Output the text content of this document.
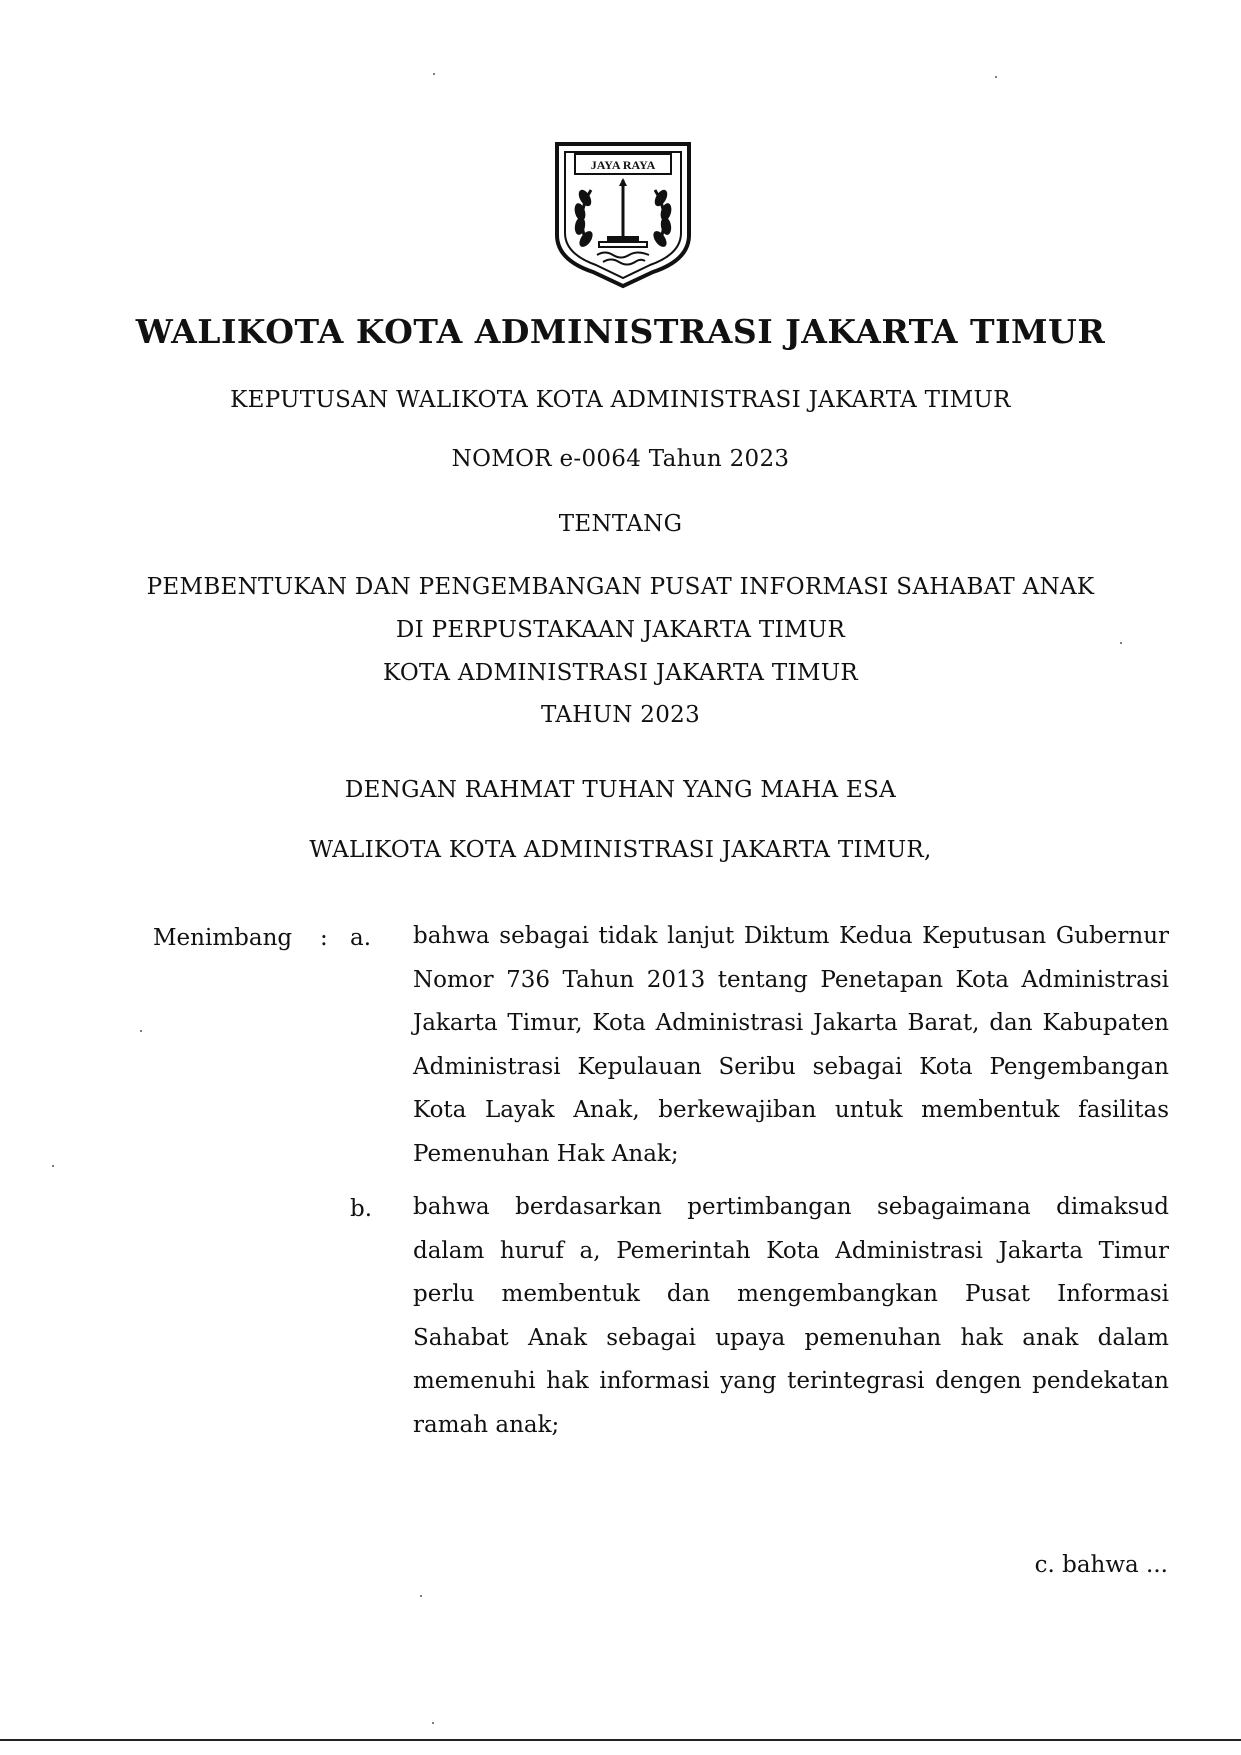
JAYA RAYA
WALIKOTA KOTA ADMINISTRASI JAKARTA TIMUR
KEPUTUSAN WALIKOTA KOTA ADMINISTRASI JAKARTA TIMUR
NOMOR e-0064 Tahun 2023
TENTANG
PEMBENTUKAN DAN PENGEMBANGAN PUSAT INFORMASI SAHABAT ANAK
DI PERPUSTAKAAN JAKARTA TIMUR
KOTA ADMINISTRASI JAKARTA TIMUR
TAHUN 2023
DENGAN RAHMAT TUHAN YANG MAHA ESA
WALIKOTA KOTA ADMINISTRASI JAKARTA TIMUR,
Menimbang : a. bahwa sebagai tidak lanjut Diktum Kedua Keputusan Gubernur Nomor 736 Tahun 2013 tentang Penetapan Kota Administrasi Jakarta Timur, Kota Administrasi Jakarta Barat, dan Kabupaten Administrasi Kepulauan Seribu sebagai Kota Pengembangan Kota Layak Anak, berkewajiban untuk membentuk fasilitas Pemenuhan Hak Anak;
b. bahwa berdasarkan pertimbangan sebagaimana dimaksud dalam huruf a, Pemerintah Kota Administrasi Jakarta Timur perlu membentuk dan mengembangkan Pusat Informasi Sahabat Anak sebagai upaya pemenuhan hak anak dalam memenuhi hak informasi yang terintegrasi dengen pendekatan ramah anak;
c. bahwa ...
